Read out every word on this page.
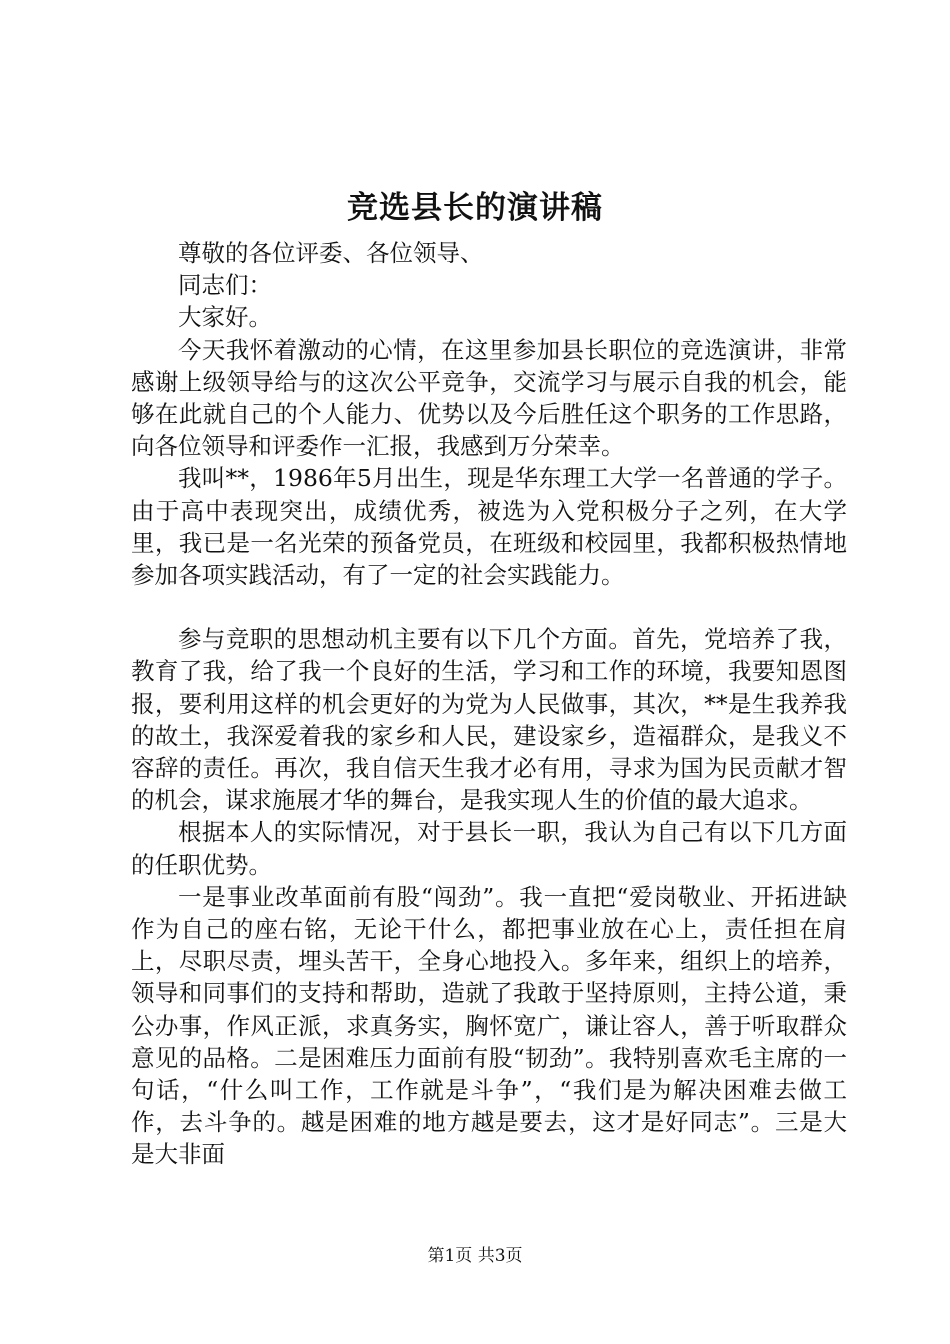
竞选县长的演讲稿

尊敬的各位评委、各位领导、

同志们：

大家好。

今天我怀着激动的心情，在这里参加县长职位的竞选演讲，非常感谢上级领导给与的这次公平竞争，交流学习与展示自我的机会，能够在此就自己的个人能力、优势以及今后胜任这个职务的工作思路，向各位领导和评委作一汇报，我感到万分荣幸。

我叫**，1986年5月出生，现是华东理工大学一名普通的学子。由于高中表现突出，成绩优秀，被选为入党积极分子之列，在大学里，我已是一名光荣的预备党员，在班级和校园里，我都积极热情地参加各项实践活动，有了一定的社会实践能力。

参与竞职的思想动机主要有以下几个方面。首先，党培养了我，教育了我，给了我一个良好的生活，学习和工作的环境，我要知恩图报，要利用这样的机会更好的为党为人民做事，其次，**是生我养我的故土，我深爱着我的家乡和人民，建设家乡，造福群众，是我义不容辞的责任。再次，我自信天生我才必有用，寻求为国为民贡献才智的机会，谋求施展才华的舞台，是我实现人生的价值的最大追求。

根据本人的实际情况，对于县长一职，我认为自己有以下几方面的任职优势。

一是事业改革面前有股“闯劲”。我一直把“爱岗敬业、开拓进缺作为自己的座右铭，无论干什么，都把事业放在心上，责任担在肩上，尽职尽责，埋头苦干，全身心地投入。多年来，组织上的培养，领导和同事们的支持和帮助，造就了我敢于坚持原则，主持公道，秉公办事，作风正派，求真务实，胸怀宽广，谦让容人，善于听取群众意见的品格。二是困难压力面前有股“韧劲”。我特别喜欢毛主席的一句话，“什么叫工作，工作就是斗争”，“我们是为解决困难去做工作，去斗争的。越是困难的地方越是要去，这才是好同志”。三是大是大非面

第1页 共3页
